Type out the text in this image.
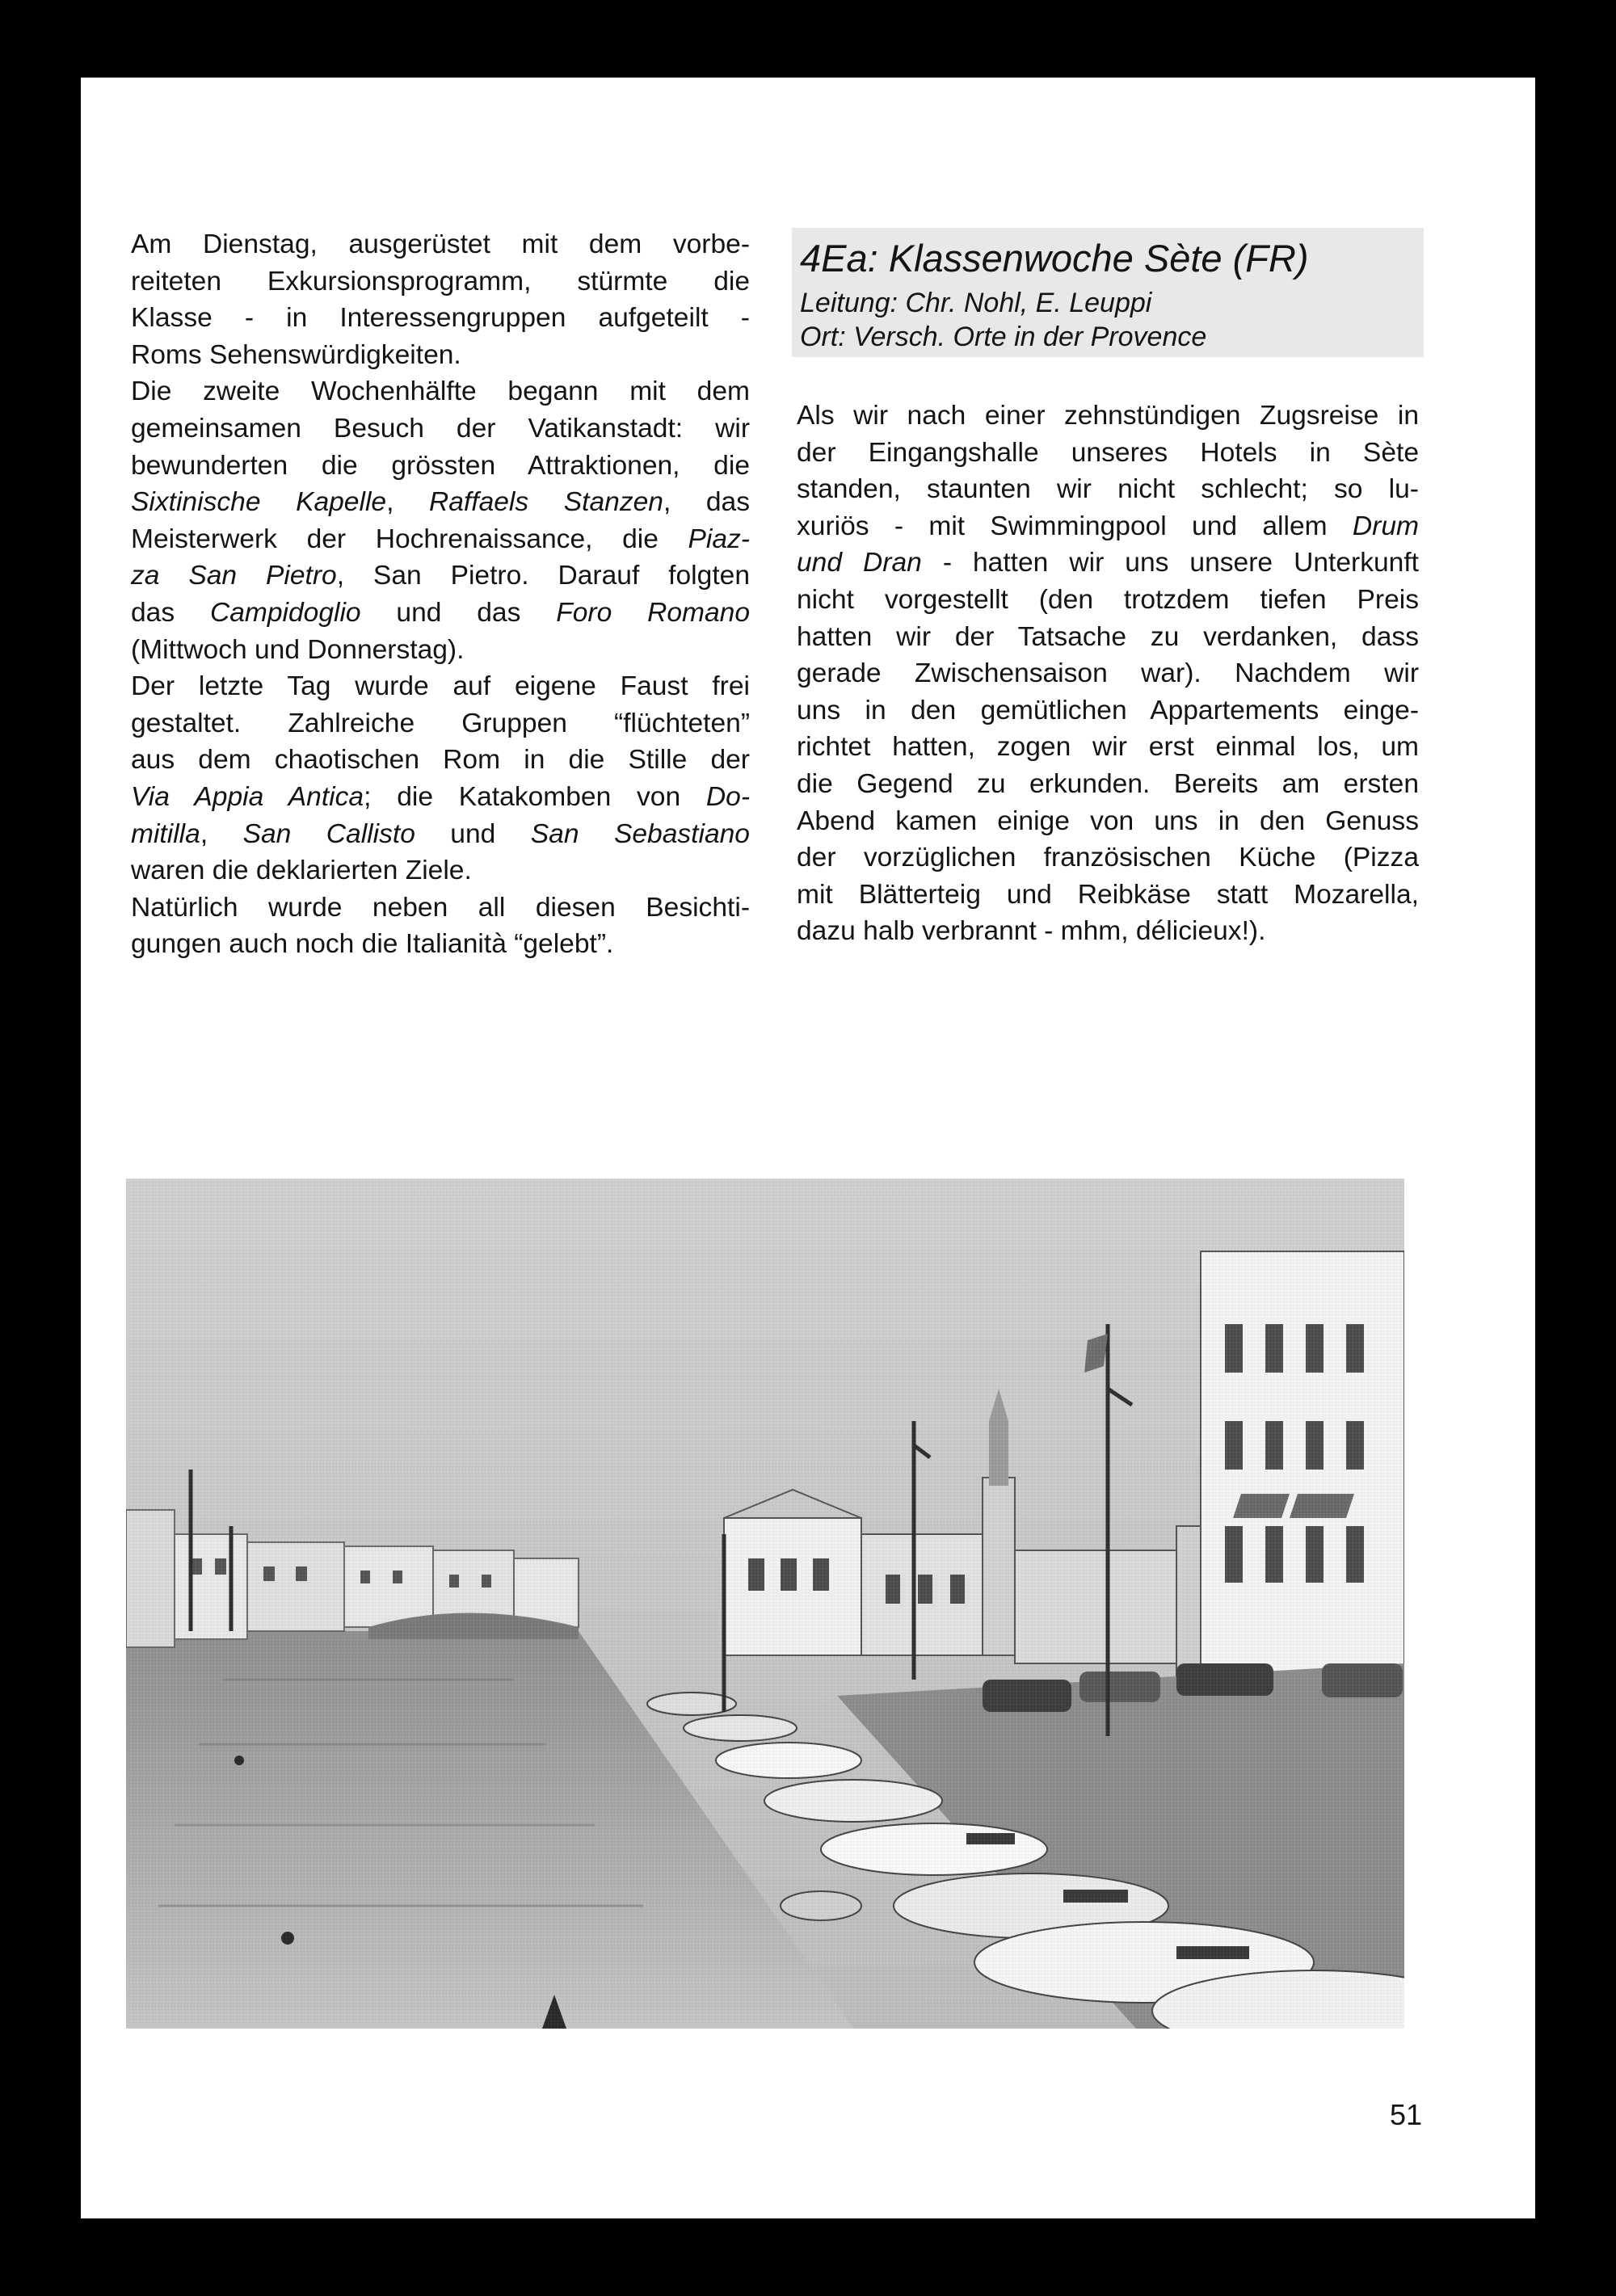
Am Dienstag, ausgerüstet mit dem vorbe-
reiteten Exkursionsprogramm, stürmte die
Klasse - in Interessengruppen aufgeteilt -
Roms Sehenswürdigkeiten.
Die zweite Wochenhälfte begann mit dem
gemeinsamen Besuch der Vatikanstadt: wir
bewunderten die grössten Attraktionen, die
Sixtinische Kapelle, Raffaels Stanzen, das
Meisterwerk der Hochrenaissance, die Piaz-
za San Pietro, San Pietro. Darauf folgten
das Campidoglio und das Foro Romano
(Mittwoch und Donnerstag).
Der letzte Tag wurde auf eigene Faust frei
gestaltet. Zahlreiche Gruppen “flüchteten”
aus dem chaotischen Rom in die Stille der
Via Appia Antica; die Katakomben von Do-
mitilla, San Callisto und San Sebastiano
waren die deklarierten Ziele.
Natürlich wurde neben all diesen Besichti-
gungen auch noch die Italianità “gelebt”.
4Ea: Klassenwoche Sète (FR)
Leitung: Chr. Nohl, E. Leuppi
Ort: Versch. Orte in der Provence
Als wir nach einer zehnstündigen Zugsreise in
der Eingangshalle unseres Hotels in Sète
standen, staunten wir nicht schlecht; so lu-
xuriös - mit Swimmingpool und allem Drum
und Dran - hatten wir uns unsere Unterkunft
nicht vorgestellt (den trotzdem tiefen Preis
hatten wir der Tatsache zu verdanken, dass
gerade Zwischensaison war). Nachdem wir
uns in den gemütlichen Appartements einge-
richtet hatten, zogen wir erst einmal los, um
die Gegend zu erkunden. Bereits am ersten
Abend kamen einige von uns in den Genuss
der vorzüglichen französischen Küche (Pizza
mit Blätterteig und Reibkäse statt Mozarella,
dazu halb verbrannt - mhm, délicieux!).
51
